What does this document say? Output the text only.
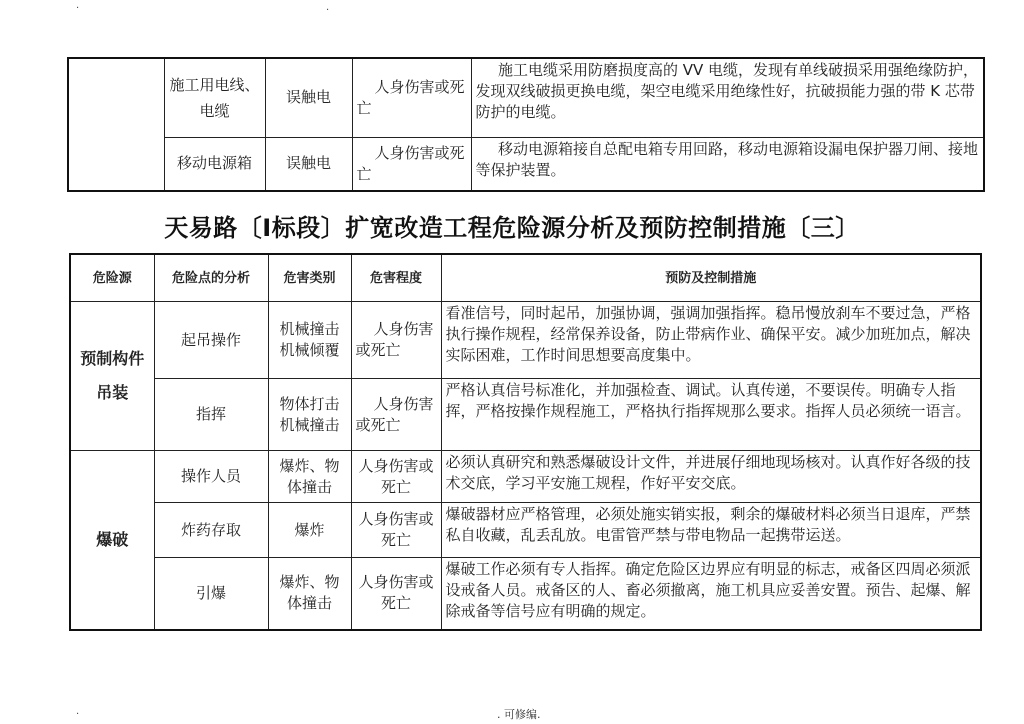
.	.
	施工用电线、电缆	误触电	人身伤害或死亡	施工电缆采用防磨损度高的 VV 电缆，发现有单线破损采用强绝缘防护，发现双线破损更换电缆，架空电缆采用绝缘性好，抗破损能力强的带 K 芯带防护的电缆。
	移动电源箱	误触电	人身伤害或死亡	移动电源箱接自总配电箱专用回路，移动电源箱设漏电保护器刀闸、接地等保护装置。
天易路〔Ⅰ标段〕扩宽改造工程危险源分析及预防控制措施〔三〕
危险源	危险点的分析	危害类别	危害程度	预防及控制措施
预制构件吊装	起吊操作	机械撞击机械倾覆	人身伤害或死亡	看准信号，同时起吊，加强协调，强调加强指挥。稳吊慢放刹车不要过急，严格执行操作规程，经常保养设备，防止带病作业、确保平安。减少加班加点，解决实际困难，工作时间思想要高度集中。
	指挥	物体打击机械撞击	人身伤害或死亡	严格认真信号标准化，并加强检查、调试。认真传递，不要误传。明确专人指挥，严格按操作规程施工，严格执行指挥规那么要求。指挥人员必须统一语言。
爆破	操作人员	爆炸、物体撞击	人身伤害或死亡	必须认真研究和熟悉爆破设计文件，并进展仔细地现场核对。认真作好各级的技术交底，学习平安施工规程，作好平安交底。
	炸药存取	爆炸	人身伤害或死亡	爆破器材应严格管理，必须处施实销实报，剩余的爆破材料必须当日退库，严禁私自收藏，乱丢乱放。电雷管严禁与带电物品一起携带运送。
	引爆	爆炸、物体撞击	人身伤害或死亡	爆破工作必须有专人指挥。确定危险区边界应有明显的标志，戒备区四周必须派设戒备人员。戒备区的人、畜必须撤离，施工机具应妥善安置。预告、起爆、解除戒备等信号应有明确的规定。
.	. 可修编.
